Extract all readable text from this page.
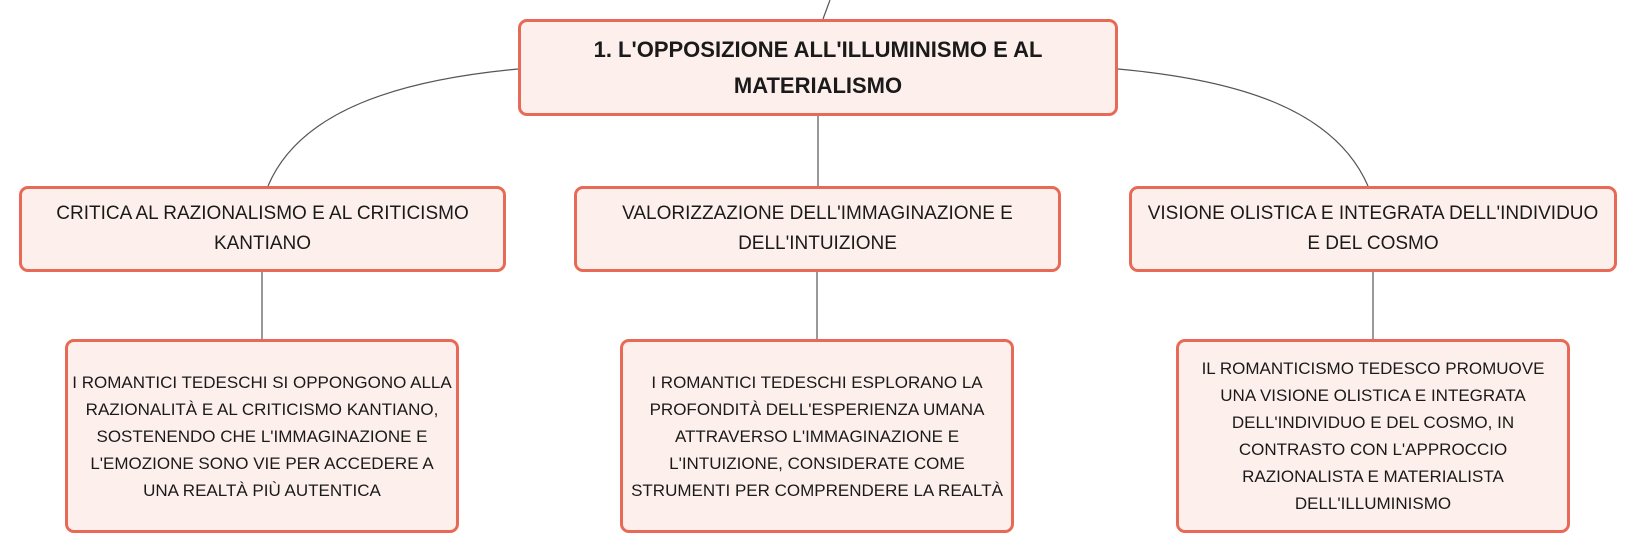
1. L'OPPOSIZIONE ALL'ILLUMINISMO E AL MATERIALISMO
CRITICA AL RAZIONALISMO E AL CRITICISMO KANTIANO
VALORIZZAZIONE DELL'IMMAGINAZIONE E DELL'INTUIZIONE
VISIONE OLISTICA E INTEGRATA DELL'INDIVIDUO E DEL COSMO
I ROMANTICI TEDESCHI SI OPPONGONO ALLA RAZIONALITÀ E AL CRITICISMO KANTIANO, SOSTENENDO CHE L'IMMAGINAZIONE E L'EMOZIONE SONO VIE PER ACCEDERE A UNA REALTÀ PIÙ AUTENTICA
I ROMANTICI TEDESCHI ESPLORANO LA PROFONDITÀ DELL'ESPERIENZA UMANA ATTRAVERSO L'IMMAGINAZIONE E L'INTUIZIONE, CONSIDERATE COME STRUMENTI PER COMPRENDERE LA REALTÀ
IL ROMANTICISMO TEDESCO PROMUOVE UNA VISIONE OLISTICA E INTEGRATA DELL'INDIVIDUO E DEL COSMO, IN CONTRASTO CON L'APPROCCIO RAZIONALISTA E MATERIALISTA DELL'ILLUMINISMO
